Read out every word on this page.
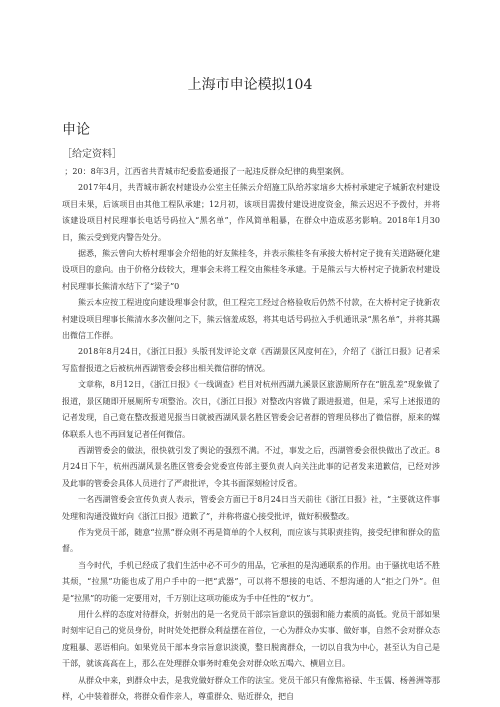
上海市申论模拟104
申论
［给定资料］

；20：8年3月，江西省共青城市纪委监委通报了一起违反群众纪律的典型案例。

2017年4月，共青城市新农村建设办公室主任熊云介绍施工队给苏家垴乡大桥村承建定子城新农村建设项目未果，后该项目由其他工程队承建；12月初，该项目需拨付建设进度资金，熊云迟迟不予拨付，并将该建设项目村民理事长电话号码拉入“黑名单”，作风简单粗暴，在群众中造成恶劣影响。2018年1月30日，熊云受到党内警告处分。

据悉，熊云曾向大桥村理事会介绍他的好友熊桂冬，并表示熊桂冬有承接大桥村定子拢有关道路硬化建设项目的意向。由于价格分歧较大，理事会未将工程交由熊桂冬承建。于是熊云与大桥村定子拢新农村建设村民理事长熊清水结下了“梁子”0

熊云本应按工程进度向建设理事会付款，但工程完工经过合格验收后仍然不付款，在大桥村定子拢新农村建设项目理事长熊清水多次催问之下，熊云恼羞成怒，将其电话号码拉入手机通讯录“黑名单”，并将其踢出微信工作群。

2018年8月24日，《浙江日报》头版刊发评论文章《西湖景区风度何在》，介绍了《浙江日报》记者采写监督报道之后被杭州西湖管委会移出相关微信群的情况。

文章称，8月12日，《浙江日报》《一线调查》栏目对杭州西湖九溪景区旅游厕所存在“脏乱差”现象做了报道，景区随即开展厕所专项整治。次日，《浙江日报》对整改内容做了跟进报道，但是，采写上述报道的记者发现，自己竟在整改报道见报当日就被西湖风景名胜区管委会记者群的管理员移出了微信群，原来的媒体联系人也不再回复记者任何微信。

西湖管委会的做法，很快就引发了舆论的强烈不满。不过，事发之后，西湖管委会很快做出了改正。8月24日下午，杭州西湖风景名胜区管委会党委宣传部主要负责人向关注此事的记者发来道歉信，已经对涉及此事的管委会具体人员进行了严肃批评，令其书面深刻检讨反省。

一名西湖管委会宣传负责人表示，管委会方面已于8月24日当天前往《浙江日报》社，“主要就这件事处理和沟通没做好向《浙江日报》道歉了”，并称将虚心接受批评，做好积极整改。

作为党员干部，随意“拉黑”群众则不再是简单的个人权利，而应该与其职责挂钩，接受纪律和群众的监督。

当今时代，手机已经成了我们生活中必不可少的用品，它承担的是沟通联系的作用。由于骚扰电话不胜其烦，“拉黑”功能也成了用户手中的一把“武器”，可以将不想接的电话、不想沟通的人“拒之门外”。但是“拉黑”的功能一定要用对，千万别让这项功能成为手中任性的“权力”。

用什么样的态度对待群众，折射出的是一名党员干部宗旨意识的强弱和能力素质的高低。党员干部如果时刻牢记自己的党员身份，时时处处把群众利益摆在首位，一心为群众办实事、做好事，自然不会对群众态度粗暴、恶语相向。如果党员干部本身宗旨意识淡漠，整日脱离群众，一切以自我为中心，甚至认为自己是干部，就该高高在上，那么在处理群众事务时难免会对群众吆五喝六、横眉立目。

从群众中来，到群众中去，是我党做好群众工作的法宝。党员干部只有像焦裕禄、牛玉儒、杨善洲等那样，心中装着群众，将群众看作亲人，尊重群众、贴近群众，把自
